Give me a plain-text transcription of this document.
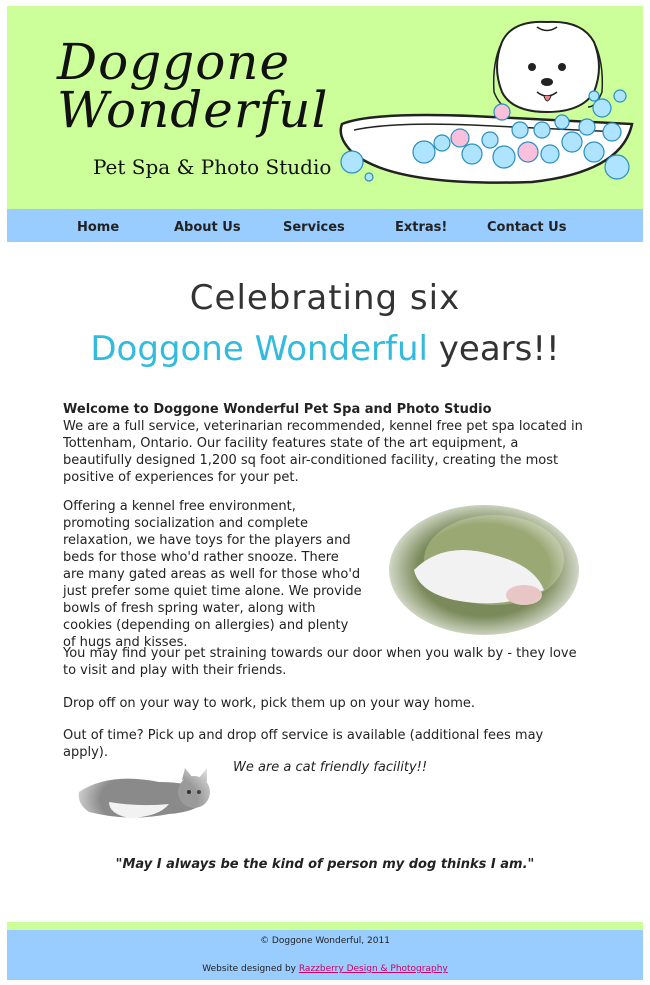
Doggone
Wonderful
Pet Spa & Photo Studio
Home	About Us	Services	Extras!	Contact Us
Celebrating six
Doggone Wonderful years!!
Welcome to Doggone Wonderful Pet Spa and Photo Studio
We are a full service, veterinarian recommended, kennel free pet spa located in Tottenham, Ontario. Our facility features state of the art equipment, a beautifully designed 1,200 sq foot air-conditioned facility, creating the most positive of experiences for your pet.
Offering a kennel free environment, promoting socialization and complete relaxation, we have toys for the players and beds for those who'd rather snooze. There are many gated areas as well for those who'd just prefer some quiet time alone. We provide bowls of fresh spring water, along with cookies (depending on allergies) and plenty of hugs and kisses.
You may find your pet straining towards our door when you walk by - they love to visit and play with their friends.
Drop off on your way to work, pick them up on your way home.
Out of time? Pick up and drop off service is available (additional fees may apply).
We are a cat friendly facility!!
"May I always be the kind of person my dog thinks I am."
© Doggone Wonderful, 2011
Website designed by Razzberry Design & Photography
